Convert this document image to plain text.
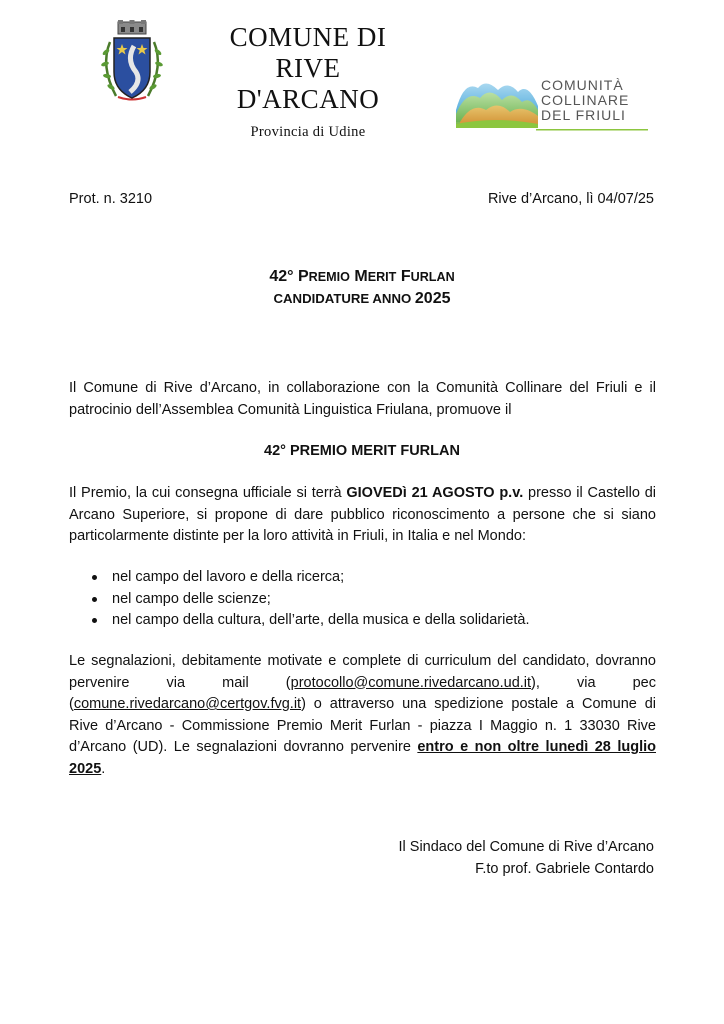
COMUNE DI
RIVE
D'ARCANO
Provincia di Udine
COMUNITÀ
COLLINARE
DEL FRIULI
Prot. n. 3210	Rive d’Arcano, lì 04/07/25
42° PREMIO MERIT FURLAN
CANDIDATURE ANNO 2025
Il Comune di Rive d’Arcano, in collaborazione con la Comunità Collinare del Friuli e il patrocinio dell’Assemblea Comunità Linguistica Friulana, promuove il
42° PREMIO MERIT FURLAN
Il Premio, la cui consegna ufficiale si terrà GIOVEDì 21 AGOSTO p.v. presso il Castello di Arcano Superiore, si propone di dare pubblico riconoscimento a persone che si siano particolarmente distinte per la loro attività in Friuli, in Italia e nel Mondo:
nel campo del lavoro e della ricerca;
nel campo delle scienze;
nel campo della cultura, dell’arte, della musica e della solidarietà.
Le segnalazioni, debitamente motivate e complete di curriculum del candidato, dovranno pervenire via mail (protocollo@comune.rivedarcano.ud.it), via pec (comune.rivedarcano@certgov.fvg.it) o attraverso una spedizione postale a Comune di Rive d’Arcano - Commissione Premio Merit Furlan - piazza I Maggio n. 1 33030 Rive d’Arcano (UD). Le segnalazioni dovranno pervenire entro e non oltre lunedì 28 luglio 2025.
Il Sindaco del Comune di Rive d’Arcano
F.to prof. Gabriele Contardo
